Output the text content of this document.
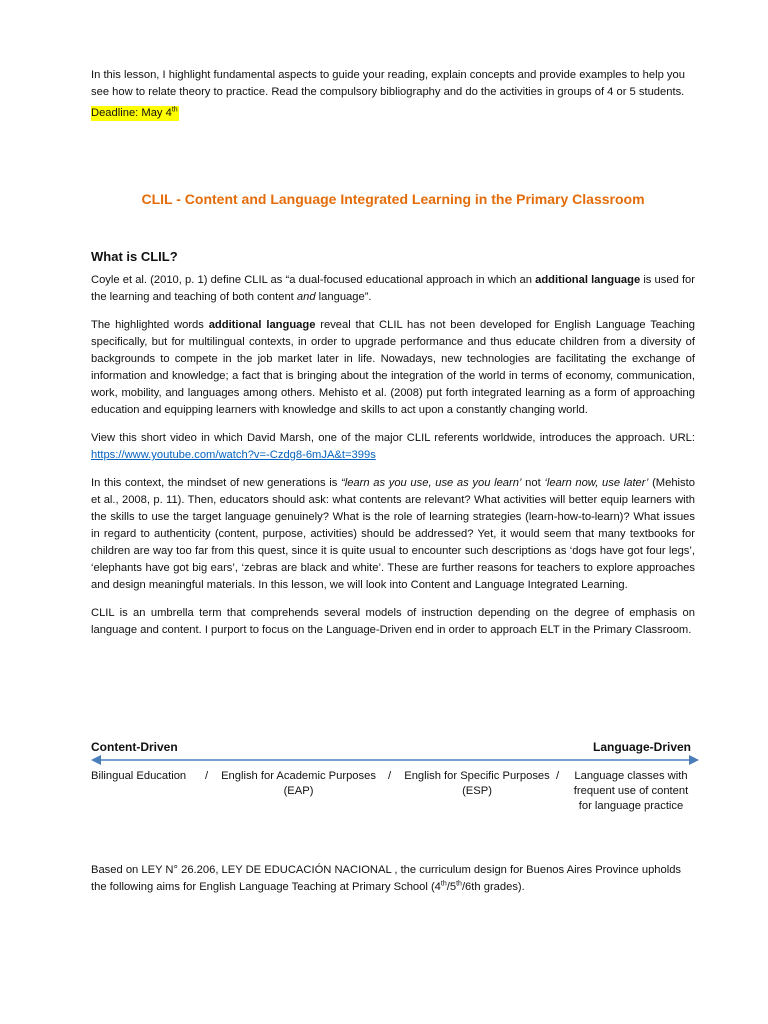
In this lesson, I highlight fundamental aspects to guide your reading, explain concepts and provide examples to help you see how to relate theory to practice. Read the compulsory bibliography and do the activities in groups of 4 or 5 students.

Deadline: May 4th
CLIL - Content and Language Integrated Learning in the Primary Classroom
What is CLIL?

Coyle et al. (2010, p. 1) define CLIL as “a dual-focused educational approach in which an additional language is used for the learning and teaching of both content and language”.

The highlighted words additional language reveal that CLIL has not been developed for English Language Teaching specifically, but for multilingual contexts, in order to upgrade performance and thus educate children from a diversity of backgrounds to compete in the job market later in life. Nowadays, new technologies are facilitating the exchange of information and knowledge; a fact that is bringing about the integration of the world in terms of economy, communication, work, mobility, and languages among others. Mehisto et al. (2008) put forth integrated learning as a form of approaching education and equipping learners with knowledge and skills to act upon a constantly changing world.

View this short video in which David Marsh, one of the major CLIL referents worldwide, introduces the approach. URL: https://www.youtube.com/watch?v=-Czdg8-6mJA&t=399s

In this context, the mindset of new generations is “learn as you use, use as you learn’ not ‘learn now, use later’ (Mehisto et al., 2008, p. 11). Then, educators should ask: what contents are relevant? What activities will better equip learners with the skills to use the target language genuinely? What is the role of learning strategies (learn-how-to-learn)? What issues in regard to authenticity (content, purpose, activities) should be addressed? Yet, it would seem that many textbooks for children are way too far from this quest, since it is quite usual to encounter such descriptions as ‘dogs have got four legs’, ‘elephants have got big ears’, ‘zebras are black and white’. These are further reasons for teachers to explore approaches and design meaningful materials. In this lesson, we will look into Content and Language Integrated Learning.

CLIL is an umbrella term that comprehends several models of instruction depending on the degree of emphasis on language and content. I purport to focus on the Language-Driven end in order to approach ELT in the Primary Classroom.

Content-Driven	Language-Driven
Bilingual Education /	English for Academic Purposes
(EAP)
/	English for Specific Purposes
(ESP)
/	Language classes with
frequent use of content
for language practice

Based on LEY N° 26.206, LEY DE EDUCACIÓN NACIONAL , the curriculum design for Buenos Aires Province upholds the following aims for English Language Teaching at Primary School (4th/5th/6th grades).
